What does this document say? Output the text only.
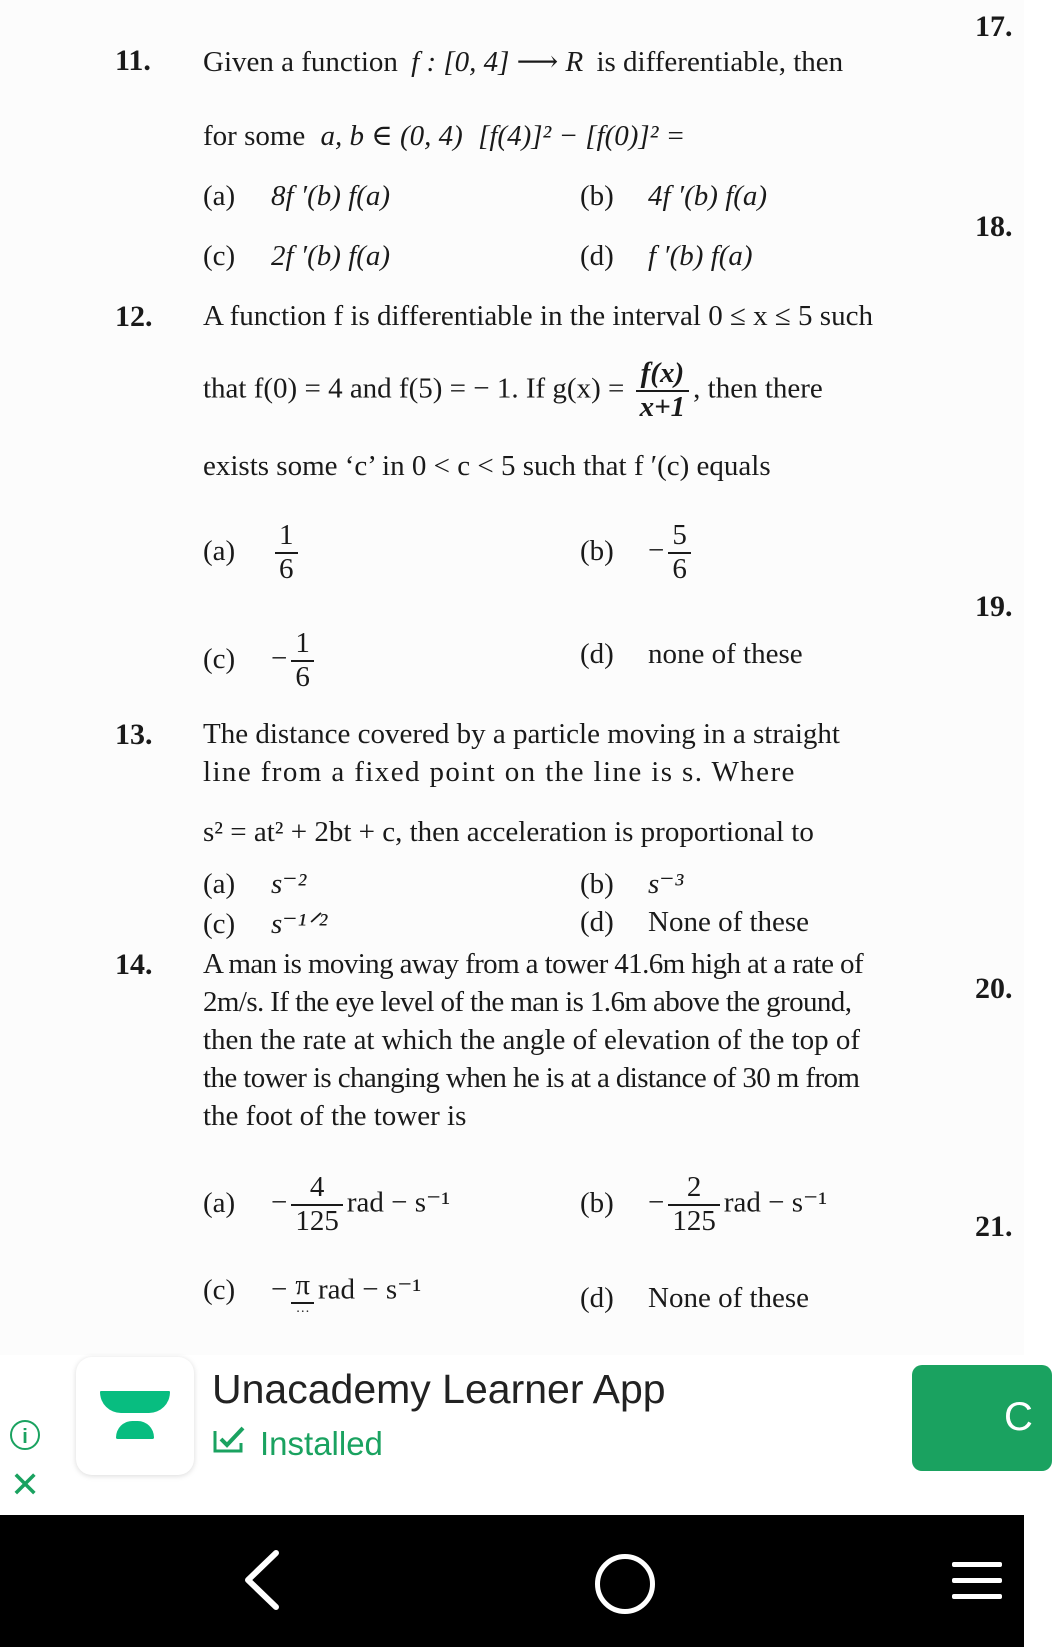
17.
18.
19.
20.
21.
11. Given a function f : [0, 4] ⟶ R is differentiable, then
for some a, b ∈ (0, 4) [f(4)]² − [f(0)]² =
(a) 8f ′(b) f(a)	(b) 4f ′(b) f(a)
(c) 2f ′(b) f(a)	(d) f ′(b) f(a)
12. A function f is differentiable in the interval 0 ≤ x ≤ 5 such
that f(0) = 4 and f(5) = − 1. If $g(x) = \frac{f(x)}{x+1}$ , then there
exists some ‘c’ in 0 < c < 5 such that f ′(c) equals
$(a) \frac{1}{6}$	$(b) - \frac{5}{6}$
$(c) - \frac{1}{6}$	(d) none of these
13. The distance covered by a particle moving in a straight
line from a fixed point on the line is s. Where
s² = at² + 2bt + c, then acceleration is proportional to
(a) s⁻²	(b) s⁻³
(c) s⁻¹ᐟ²	(d) None of these
14. A man is moving away from a tower 41.6m high at a rate of
2m/s. If the eye level of the man is 1.6m above the ground,
then the rate at which the angle of elevation of the top of
the tower is changing when he is at a distance of 30 m from
the foot of the tower is
$(a) - \frac{4}{125}$ rad − s⁻¹	$(b) - \frac{2}{125}$ rad − s⁻¹
$(c) - \frac{\pi}{\dots}$ rad − s⁻¹	(d) None of these
i
✕
Unacademy Learner App
Installed
C
